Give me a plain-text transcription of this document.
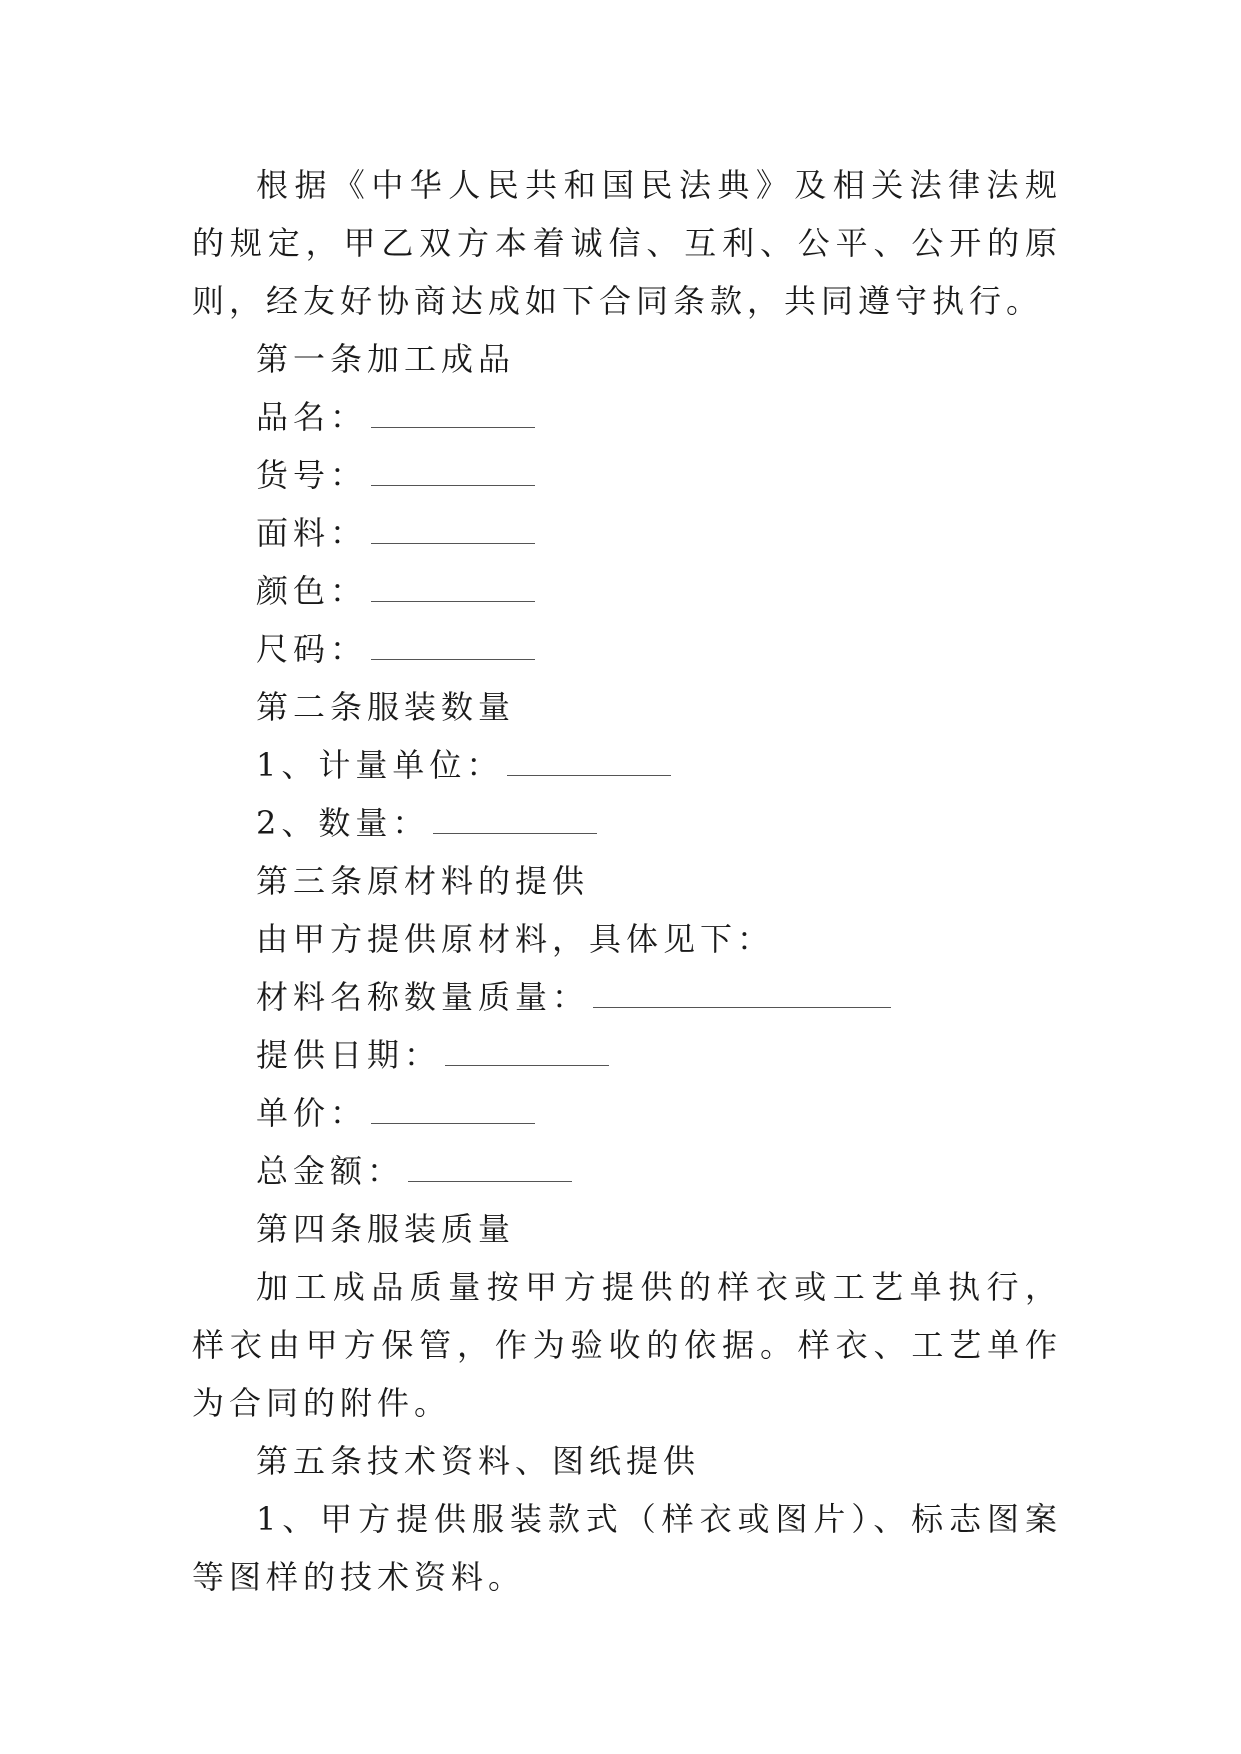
根据《中华人民共和国民法典》及相关法律法规的规定，甲乙双方本着诚信、互利、公平、公开的原则，经友好协商达成如下合同条款，共同遵守执行。

第一条加工成品

品名：

货号：

面料：

颜色：

尺码：

第二条服装数量

1、计量单位：

2、数量：

第三条原材料的提供

由甲方提供原材料，具体见下：

材料名称数量质量：

提供日期：

单价：

总金额：

第四条服装质量

加工成品质量按甲方提供的样衣或工艺单执行，样衣由甲方保管，作为验收的依据。样衣、工艺单作为合同的附件。

第五条技术资料、图纸提供

1、甲方提供服装款式（样衣或图片）、标志图案等图样的技术资料。
